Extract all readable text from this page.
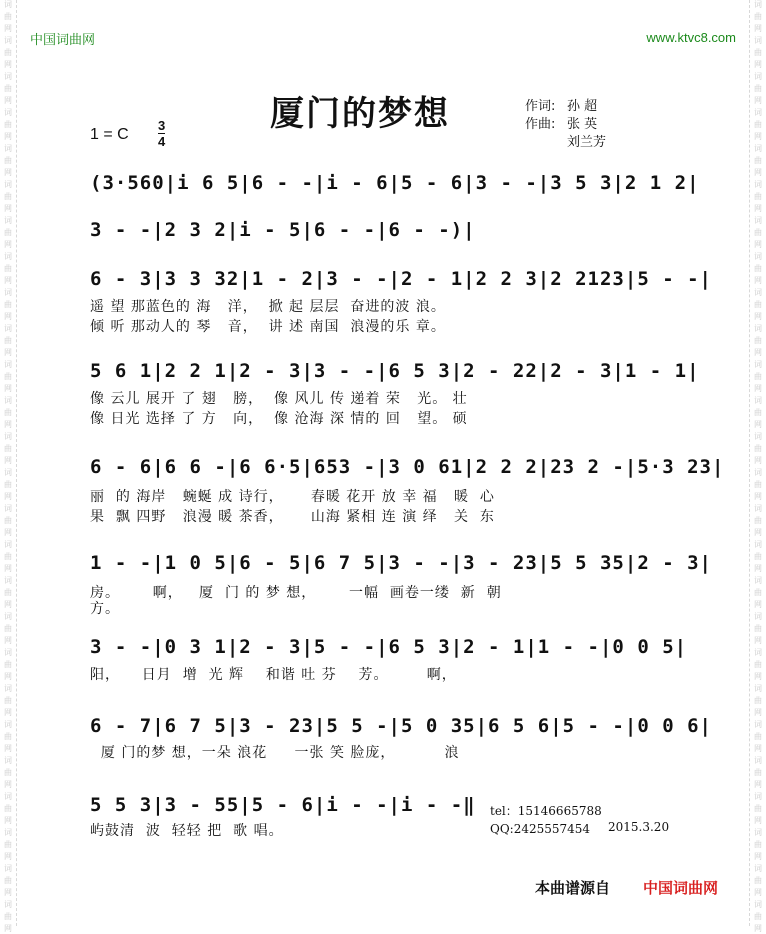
词
曲
网
词
曲
网
词
曲
网
词
曲
网
词
曲
网
词
曲
网
词
曲
网
词
曲
网
词
曲
网
词
曲
网
词
曲
网
词
曲
网
词
曲
网
词
曲
网
词
曲
网
词
曲
网
词
曲
网
词
曲
网
词
曲
网
词
曲
网
词
曲
网
词
曲
网
词
曲
网
词
曲
网
词
曲
网
词
曲
网
词
曲
网
词
曲
网
词
曲
网
词
曲
网
词
曲
网
词
曲
网
词
曲
网
词
曲
网
词
曲
网
词
曲
网
词
曲
网
词
曲
网
词
曲
网
词
曲
网
词
曲
网
词
曲
网
词
曲
网
词
曲
网
词
曲
网
词
曲
网
词
曲
网
词
曲
网
词
曲
网
词
曲
网
词
曲
网
词
曲
网
中国词曲网	www.ktvc8.com
厦门的梦想	作词: 孙 超
作曲: 张 英
刘兰芳
1 = C
3
4
(3·560|i 6 5|6 - -|i - 6|5 - 6|3 - -|3 5 3|2 1 2|
3 - -|2 3 2|i - 5|6 - -|6 - -)|
6 - 3|3 3 32|1 - 2|3 - -|2 - 1|2 2 3|2 2123|5 - -|
遥 望 那蓝色的 海   洋，  掀 起 层层  奋进的波 浪。
倾 听 那动人的 琴   音，  讲 述 南国  浪漫的乐 章。
5 6 1|2 2 1|2 - 3|3 - -|6 5 3|2 - 22|2 - 3|1 - 1|
像 云儿 展开 了 翅   膀，  像 风儿 传 递着 荣   光。 壮
像 日光 选择 了 方   向，  像 沧海 深 情的 回   望。 硕
6 - 6|6 6 -|6 6·5|653 -|3 0 61|2 2 2|23 2 -|5·3 23|
丽  的 海岸   蜿蜒 成 诗行，     春暖 花开 放 幸 福   暖  心
果  飘 四野   浪漫 暖 茶香，     山海 紧相 连 演 绎   关  东
1 - -|1 0 5|6 - 5|6 7 5|3 - -|3 - 23|5 5 35|2 - 3|
房。      啊，   厦  门 的 梦 想，      一幅  画卷一缕  新  朝
方。
3 - -|0 3 1|2 - 3|5 - -|6 5 3|2 - 1|1 - -|0 0 5|
阳，    日月  增  光 辉    和谐 吐 芬    芳。       啊，
6 - 7|6 7 5|3 - 23|5 5 -|5 0 35|6 5 6|5 - -|0 0 6|
厦 门的梦 想，一朵 浪花     一张 笑 脸庞，         浪
5 5 3|3 - 55|5 - 6|i - -|i - -‖
屿鼓清  波  轻轻 把  歌 唱。
tel：15146665788
QQ:2425557454	2015.3.20
本曲谱源自 中国词曲网
